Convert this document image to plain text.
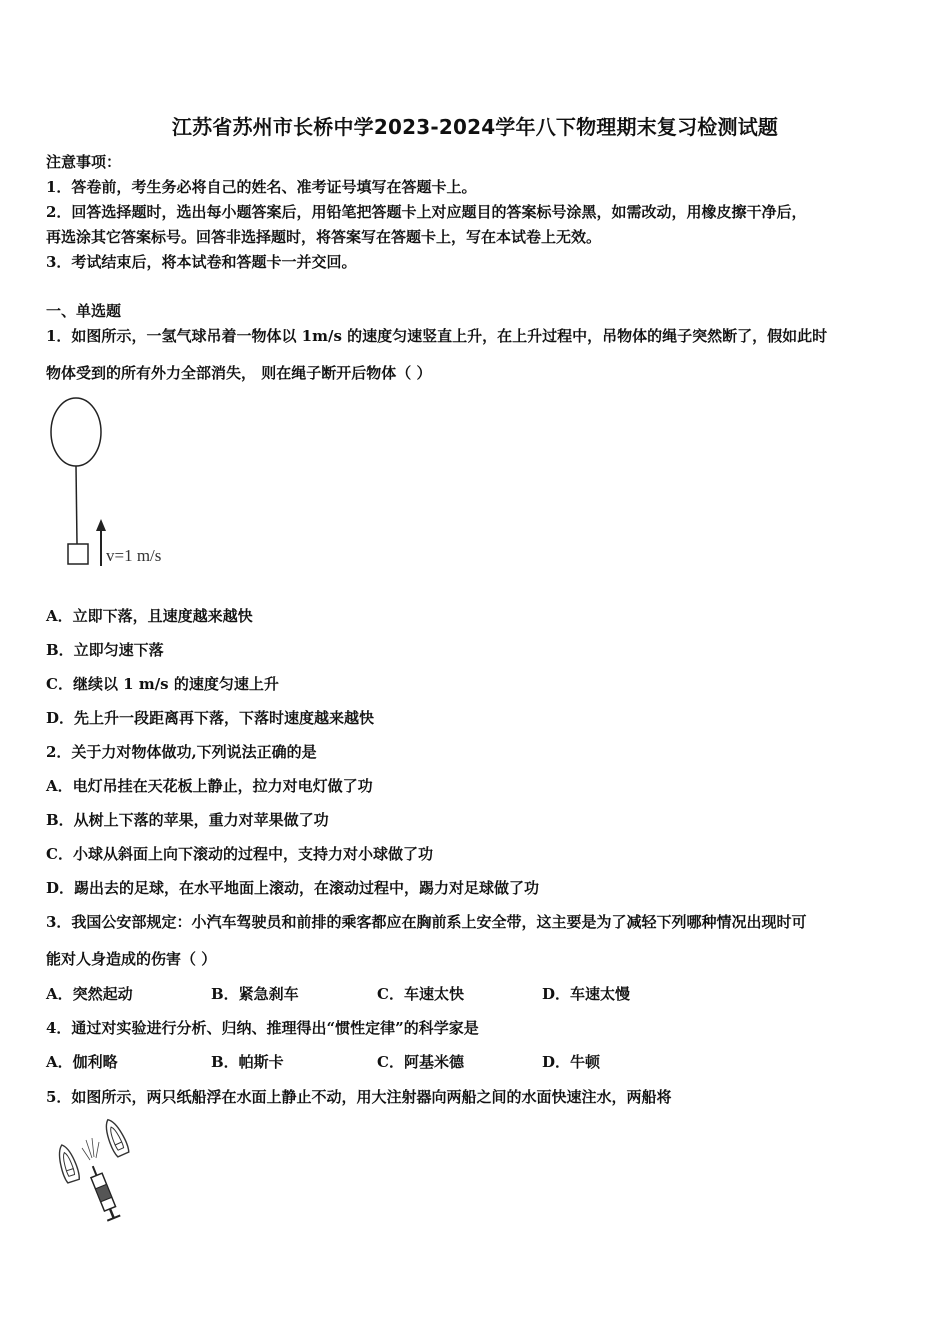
江苏省苏州市长桥中学2023-2024学年八下物理期末复习检测试题
注意事项：
1．答卷前，考生务必将自己的姓名、准考证号填写在答题卡上。
2．回答选择题时，选出每小题答案后，用铅笔把答题卡上对应题目的答案标号涂黑，如需改动，用橡皮擦干净后，
再选涂其它答案标号。回答非选择题时，将答案写在答题卡上，写在本试卷上无效。
3．考试结束后，将本试卷和答题卡一并交回。
一、单选题
1．如图所示，一氢气球吊着一物体以 1m/s 的速度匀速竖直上升，在上升过程中，吊物体的绳子突然断了，假如此时
物体受到的所有外力全部消失， 则在绳子断开后物体（ ）
v=1 m/s
A．立即下落，且速度越来越快
B．立即匀速下落
C．继续以 1 m/s 的速度匀速上升
D．先上升一段距离再下落，下落时速度越来越快
2．关于力对物体做功,下列说法正确的是
A．电灯吊挂在天花板上静止，拉力对电灯做了功
B．从树上下落的苹果，重力对苹果做了功
C．小球从斜面上向下滚动的过程中，支持力对小球做了功
D．踢出去的足球，在水平地面上滚动，在滚动过程中，踢力对足球做了功
3．我国公安部规定：小汽车驾驶员和前排的乘客都应在胸前系上安全带，这主要是为了减轻下列哪种情况出现时可
能对人身造成的伤害（ ）
A．突然起动	B．紧急刹车	C．车速太快	D．车速太慢
4．通过对实验进行分析、归纳、推理得出“惯性定律”的科学家是
A．伽利略	B．帕斯卡	C．阿基米德	D．牛顿
5．如图所示，两只纸船浮在水面上静止不动，用大注射器向两船之间的水面快速注水，两船将
